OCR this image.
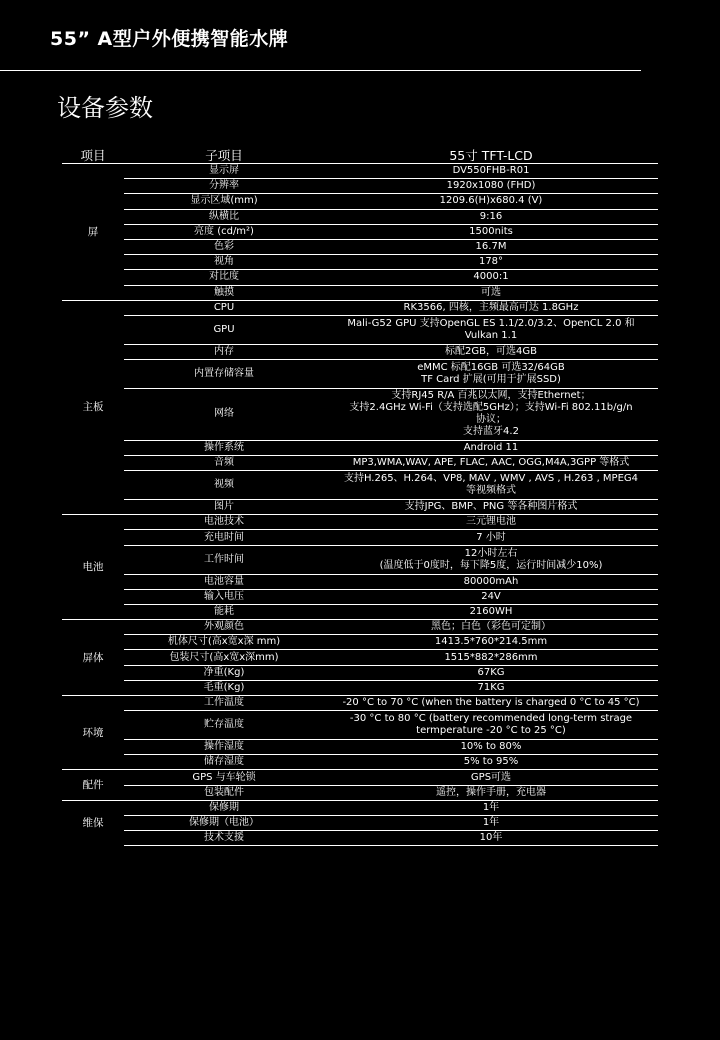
55” A型户外便携智能水牌
设备参数
项目	子项目	55寸 TFT-LCD
屏	显示屏	DV550FHB-R01
	分辨率	1920x1080 (FHD)
	显示区域(mm)	1209.6(H)x680.4 (V)
	纵横比	9:16
	亮度 (cd/m²)	1500nits
	色彩	16.7M
	视角	178°
	对比度	4000:1
	触摸	可选
主板	CPU	RK3566, 四核，主频最高可达 1.8GHz
	GPU	Mali-G52 GPU 支持OpenGL ES 1.1/2.0/3.2、OpenCL 2.0 和
Vulkan 1.1
	内存	标配2GB，可选4GB
	内置存储容量	eMMC 标配16GB 可选32/64GB
TF Card 扩展(可用于扩展SSD)
	网络	支持RJ45 R/A 百兆以太网，支持Ethernet；
支持2.4GHz Wi-Fi（支持选配5GHz）；支持Wi-Fi 802.11b/g/n
协议；
支持蓝牙4.2
	操作系统	Android 11
	音频	MP3,WMA,WAV, APE, FLAC, AAC, OGG,M4A,3GPP 等格式
	视频	支持H.265、H.264、VP8, MAV , WMV , AVS , H.263 , MPEG4
等视频格式
	图片	支持JPG、BMP、PNG 等各种图片格式
电池	电池技术	三元锂电池
	充电时间	7 小时
	工作时间	12小时左右
(温度低于0度时，每下降5度，运行时间减少10%)
	电池容量	80000mAh
	输入电压	24V
	能耗	2160WH
屏体	外观颜色	黑色；白色（彩色可定制）
	机体尺寸(高x宽x深 mm)	1413.5*760*214.5mm
	包装尺寸(高x宽x深mm)	1515*882*286mm
	净重(Kg)	67KG
	毛重(Kg)	71KG
环境	工作温度	-20 °C to 70 °C (when the battery is charged 0 °C to 45 °C)
	贮存温度	-30 °C to 80 °C (battery recommended long-term strage
termperature -20 °C to 25 °C)
	操作湿度	10% to 80%
	储存湿度	5% to 95%
配件	GPS 与车轮锁	GPS可选
	包装配件	遥控，操作手册，充电器
维保	保修期	1年
	保修期（电池）	1年
	技术支援	10年
